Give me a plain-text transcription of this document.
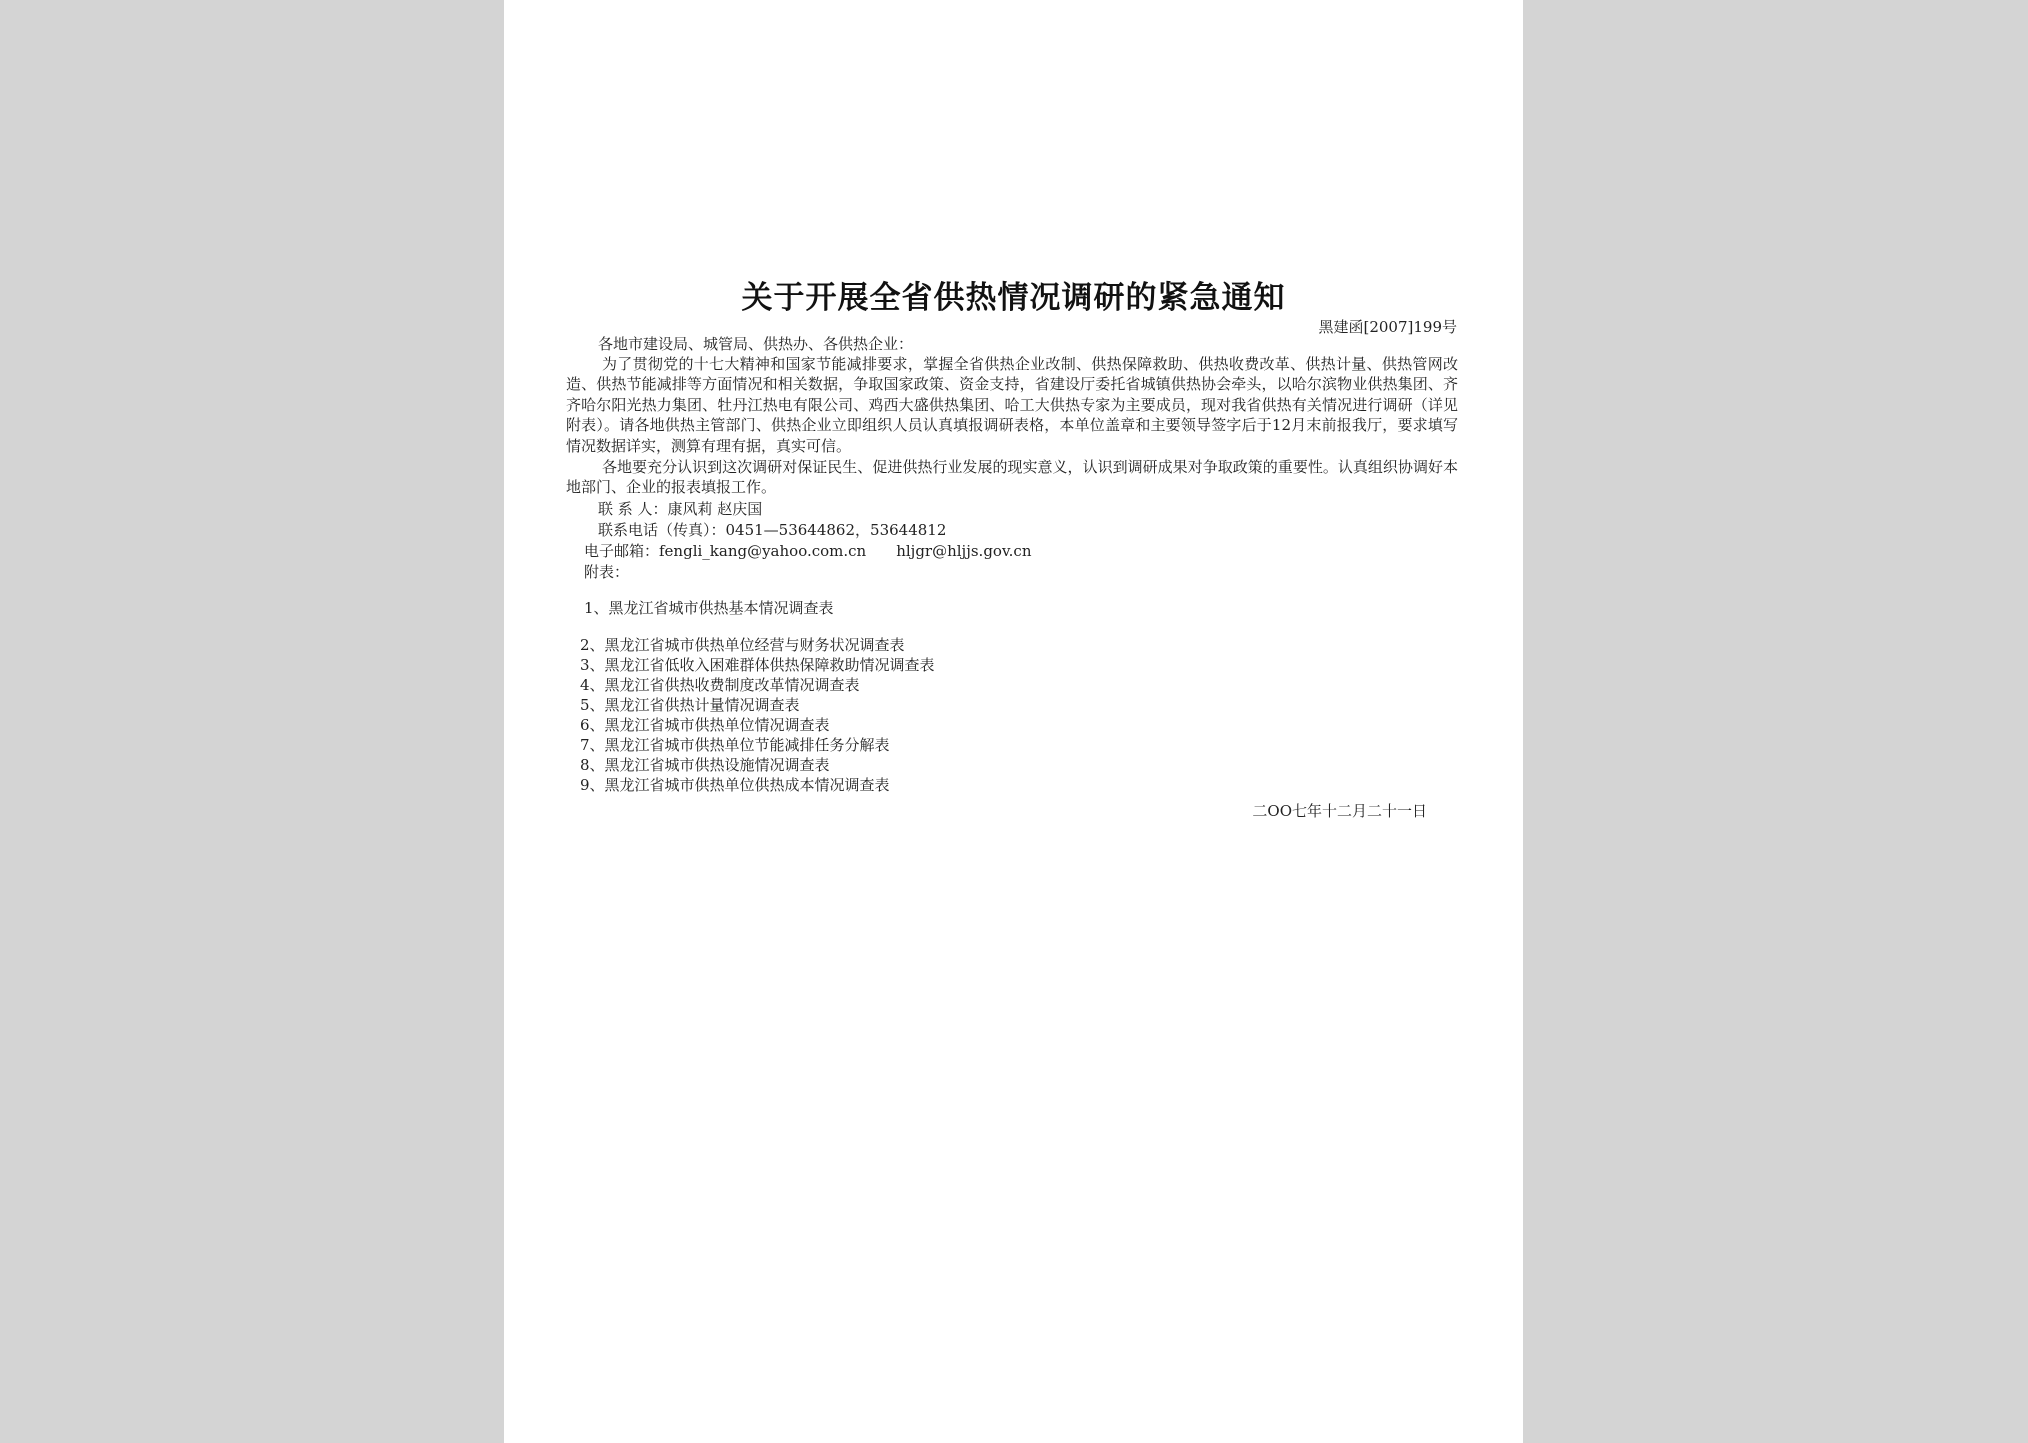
关于开展全省供热情况调研的紧急通知
黑建函[2007]199号
各地市建设局、城管局、供热办、各供热企业：
为了贯彻党的十七大精神和国家节能减排要求，掌握全省供热企业改制、供热保障救助、供热收费改革、供热计量、供热管网改造、供热节能减排等方面情况和相关数据，争取国家政策、资金支持，省建设厅委托省城镇供热协会牵头，以哈尔滨物业供热集团、齐齐哈尔阳光热力集团、牡丹江热电有限公司、鸡西大盛供热集团、哈工大供热专家为主要成员，现对我省供热有关情况进行调研（详见附表）。请各地供热主管部门、供热企业立即组织人员认真填报调研表格，本单位盖章和主要领导签字后于12月末前报我厅，要求填写情况数据详实，测算有理有据，真实可信。
各地要充分认识到这次调研对保证民生、促进供热行业发展的现实意义，认识到调研成果对争取政策的重要性。认真组织协调好本地部门、企业的报表填报工作。
联 系 人：康风莉 赵庆国
联系电话（传真）：0451—53644862，53644812
电子邮箱：fengli_kang@yahoo.com.cn　　hljgr@hljjs.gov.cn
附表：
1、黑龙江省城市供热基本情况调查表
2、黑龙江省城市供热单位经营与财务状况调查表
3、黑龙江省低收入困难群体供热保障救助情况调查表
4、黑龙江省供热收费制度改革情况调查表
5、黑龙江省供热计量情况调查表
6、黑龙江省城市供热单位情况调查表
7、黑龙江省城市供热单位节能减排任务分解表
8、黑龙江省城市供热设施情况调查表
9、黑龙江省城市供热单位供热成本情况调查表
二OO七年十二月二十一日
